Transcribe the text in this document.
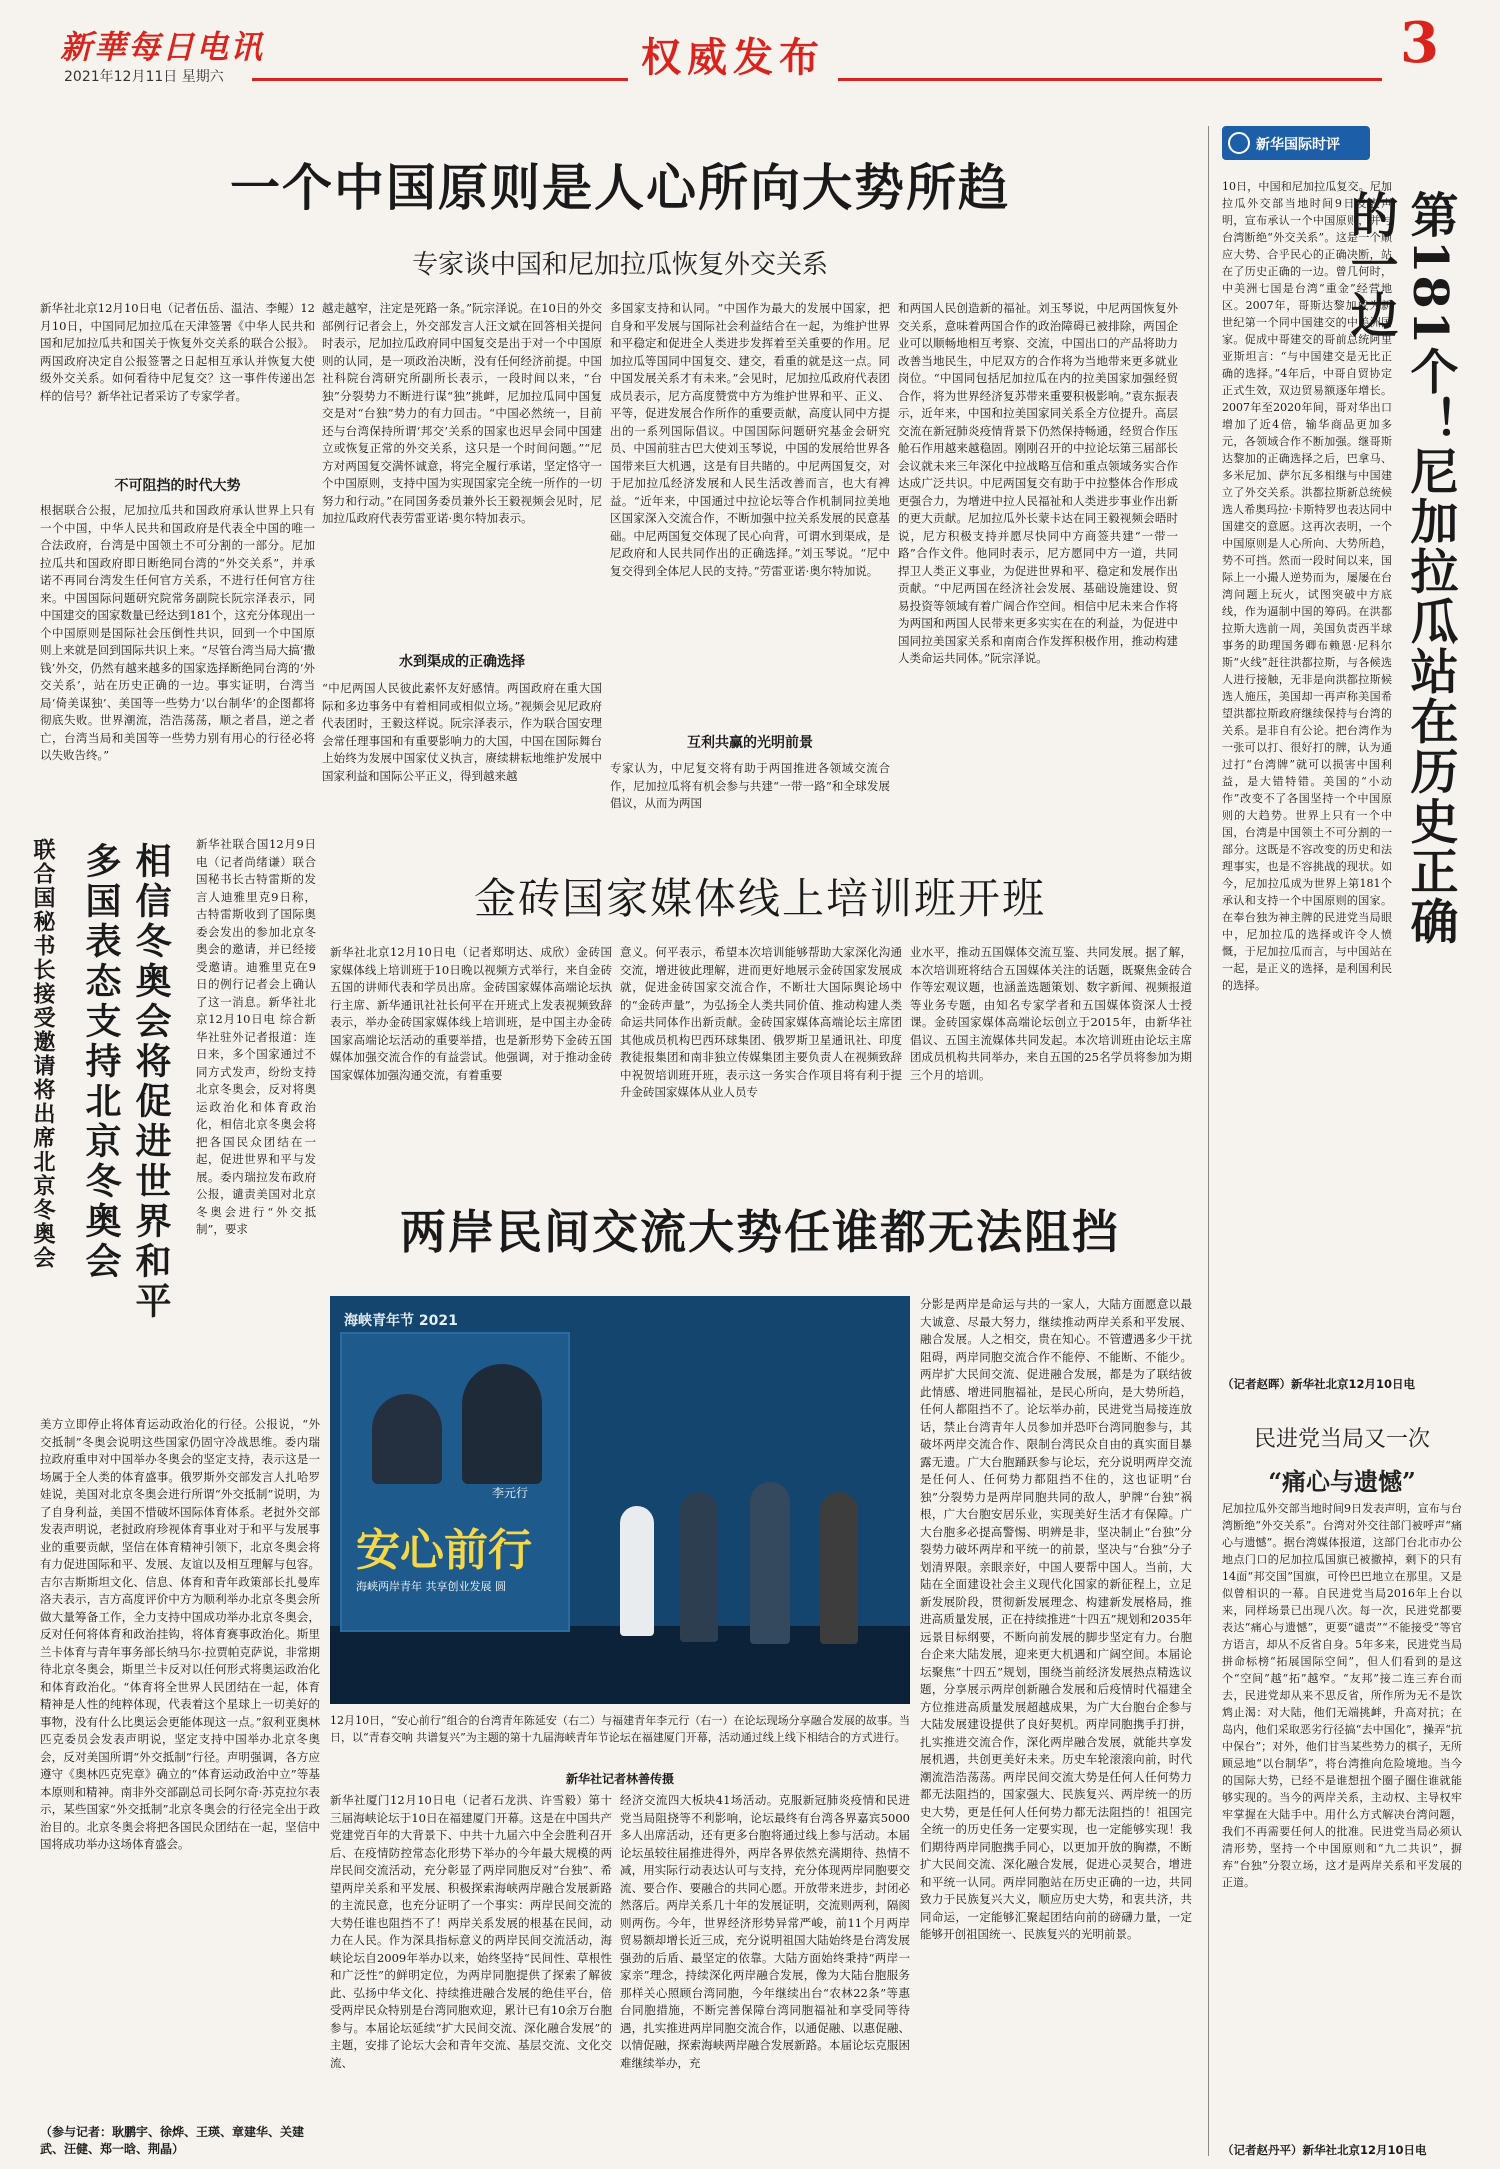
新華每日电讯
2021年12月11日 星期六	权威发布	3
一个中国原则是人心所向大势所趋
专家谈中国和尼加拉瓜恢复外交关系
新华社北京12月10日电（记者伍岳、温洁、李鲲）12月10日，中国同尼加拉瓜在天津签署《中华人民共和国和尼加拉瓜共和国关于恢复外交关系的联合公报》。两国政府决定自公报签署之日起相互承认并恢复大使级外交关系。如何看待中尼复交？这一事件传递出怎样的信号？新华社记者采访了专家学者。
不可阻挡的时代大势
根据联合公报，尼加拉瓜共和国政府承认世界上只有一个中国，中华人民共和国政府是代表全中国的唯一合法政府，台湾是中国领土不可分割的一部分。尼加拉瓜共和国政府即日断绝同台湾的“外交关系”，并承诺不再同台湾发生任何官方关系，不进行任何官方往来。中国国际问题研究院常务副院长阮宗泽表示，同中国建交的国家数量已经达到181个，这充分体现出一个中国原则是国际社会压倒性共识，回到一个中国原则上来就是回到国际共识上来。“尽管台湾当局大搞‘撒钱’外交，仍然有越来越多的国家选择断绝同台湾的‘外交关系’，站在历史正确的一边。事实证明，台湾当局‘倚美谋独’、美国等一些势力‘以台制华’的企图都将彻底失败。世界潮流，浩浩荡荡，顺之者昌，逆之者亡，台湾当局和美国等一些势力别有用心的行径必将以失败告终。”
越走越窄，注定是死路一条。”阮宗泽说。在10日的外交部例行记者会上，外交部发言人汪文斌在回答相关提问时表示，尼加拉瓜政府同中国复交是出于对一个中国原则的认同，是一项政治决断，没有任何经济前提。中国社科院台湾研究所副所长表示，一段时间以来，“台独”分裂势力不断进行谋“独”挑衅，尼加拉瓜同中国复交是对“台独”势力的有力回击。“中国必然统一，目前还与台湾保持所谓‘邦交’关系的国家也迟早会同中国建立或恢复正常的外交关系，这只是一个时间问题。”“尼方对两国复交满怀诚意，将完全履行承诺，坚定恪守一个中国原则，支持中国为实现国家完全统一所作的一切努力和行动。”在同国务委员兼外长王毅视频会见时，尼加拉瓜政府代表劳雷亚诺·奥尔特加表示。
水到渠成的正确选择
“中尼两国人民彼此素怀友好感情。两国政府在重大国际和多边事务中有着相同或相似立场。”视频会见尼政府代表团时，王毅这样说。阮宗泽表示，作为联合国安理会常任理事国和有重要影响力的大国，中国在国际舞台上始终为发展中国家仗义执言，赓续耕耘地维护发展中国家利益和国际公平正义，得到越来越
多国家支持和认同。“中国作为最大的发展中国家，把自身和平发展与国际社会利益结合在一起，为维护世界和平稳定和促进全人类进步发挥着至关重要的作用。尼加拉瓜等国同中国复交、建交，看重的就是这一点。同中国发展关系才有未来。”会见时，尼加拉瓜政府代表团成员表示，尼方高度赞赏中方为维护世界和平、正义、平等，促进发展合作所作的重要贡献，高度认同中方提出的一系列国际倡议。中国国际问题研究基金会研究员、中国前驻古巴大使刘玉琴说，中国的发展给世界各国带来巨大机遇，这是有目共睹的。中尼两国复交，对于尼加拉瓜经济发展和人民生活改善而言，也大有裨益。“近年来，中国通过中拉论坛等合作机制同拉美地区国家深入交流合作，不断加强中拉关系发展的民意基础。中尼两国复交体现了民心向背，可谓水到渠成，是尼政府和人民共同作出的正确选择。”刘玉琴说。“尼中复交得到全体尼人民的支持。”劳雷亚诺·奥尔特加说。
互利共赢的光明前景
专家认为，中尼复交将有助于两国推进各领域交流合作，尼加拉瓜将有机会参与共建“一带一路”和全球发展倡议，从而为两国
和两国人民创造新的福祉。刘玉琴说，中尼两国恢复外交关系，意味着两国合作的政治障碍已被排除，两国企业可以顺畅地相互考察、交流，中国出口的产品将助力改善当地民生，中尼双方的合作将为当地带来更多就业岗位。“中国同包括尼加拉瓜在内的拉美国家加强经贸合作，将为世界经济复苏带来重要积极影响。”袁东振表示，近年来，中国和拉美国家同关系全方位提升。高层交流在新冠肺炎疫情背景下仍然保持畅通，经贸合作压舱石作用越来越稳固。刚刚召开的中拉论坛第三届部长会议就未来三年深化中拉战略互信和重点领域务实合作达成广泛共识。中尼两国复交有助于中拉整体合作形成更强合力，为增进中拉人民福祉和人类进步事业作出新的更大贡献。尼加拉瓜外长蒙卡达在同王毅视频会晤时说，尼方积极支持并愿尽快同中方商签共建“一带一路”合作文件。他同时表示，尼方愿同中方一道，共同捍卫人类正义事业，为促进世界和平、稳定和发展作出贡献。“中尼两国在经济社会发展、基础设施建设、贸易投资等领域有着广阔合作空间。相信中尼未来合作将为两国和两国人民带来更多实实在在的利益，为促进中国同拉美国家关系和南南合作发挥积极作用，推动构建人类命运共同体。”阮宗泽说。
新华国际时评
第181个！尼加拉瓜站在历史正确的一边
10日，中国和尼加拉瓜复交。尼加拉瓜外交部当地时间9日发表声明，宣布承认一个中国原则，并与台湾断绝“外交关系”。这是一个顺应大势、合乎民心的正确决断，站在了历史正确的一边。曾几何时，中美洲七国是台湾“重金”经营地区。2007年，哥斯达黎加成为新世纪第一个同中国建交的中美洲国家。促成中哥建交的哥前总统阿里亚斯坦言：“与中国建交是无比正确的选择。”4年后，中哥自贸协定正式生效，双边贸易额逐年增长。2007年至2020年间，哥对华出口增加了近4倍，输华商品更加多元，各领域合作不断加强。继哥斯达黎加的正确选择之后，巴拿马、多米尼加、萨尔瓦多相继与中国建立了外交关系。洪都拉斯新总统候选人希奥玛拉·卡斯特罗也表达同中国建交的意愿。这再次表明，一个中国原则是人心所向、大势所趋，势不可挡。然而一段时间以来，国际上一小撮人逆势而为，屡屡在台湾问题上玩火，试图突破中方底线，作为逼制中国的筹码。在洪都拉斯大选前一周，美国负责西半球事务的助理国务卿布赖恩·尼科尔斯“火线”赶往洪都拉斯，与各候选人进行接触，无非是向洪都拉斯候选人施压，美国却一再声称美国希望洪都拉斯政府继续保持与台湾的关系。是非自有公论。把台湾作为一张可以打、很好打的牌，认为通过打“台湾牌”就可以损害中国利益，是大错特错。美国的“小动作”改变不了各国坚持一个中国原则的大趋势。世界上只有一个中国，台湾是中国领土不可分割的一部分。这既是不容改变的历史和法理事实，也是不容挑战的现状。如今，尼加拉瓜成为世界上第181个承认和支持一个中国原则的国家。在奉台独为神主牌的民进党当局眼中，尼加拉瓜的选择或许令人愤慨，于尼加拉瓜而言，与中国站在一起，是正义的选择，是利国利民的选择。
（记者赵晖）新华社北京12月10日电
民进党当局又一次
“痛心与遗憾”
尼加拉瓜外交部当地时间9日发表声明，宣布与台湾断绝“外交关系”。台湾对外交往部门被呼声“痛心与遗憾”。据台湾媒体报道，这部门台北市办公地点门口的尼加拉瓜国旗已被撤掉，剩下的只有14面“邦交国”国旗，可怜巴巴地立在那里。又是似曾相识的一幕。自民进党当局2016年上台以来，同样场景已出现八次。每一次，民进党都要表达“痛心与遗憾”，更要“谴责”“不能接受”等官方语言，却从不反省自身。5年多来，民进党当局拼命标榜“拓展国际空间”，但人们看到的是这个“空间”越“拓”越窄。“友邦”接二连三弃台而去，民进党却从来不思反省，所作所为无不是饮鸩止渴：对大陆，他们无端挑衅，升高对抗；在岛内，他们采取恶劣行径搞“去中国化”，操弄“抗中保台”；对外，他们甘当某些势力的棋子，无所顾忌地“以台制华”，将台湾推向危险境地。当今的国际大势，已经不是谁想扭个圈子圈住谁就能够实现的。当今的两岸关系，主动权、主导权牢牢掌握在大陆手中。用什么方式解决台湾问题，我们不再需要任何人的批准。民进党当局必须认清形势，坚持一个中国原则和“九二共识”，摒弃“台独”分裂立场，这才是两岸关系和平发展的正道。
（记者赵丹平）新华社北京12月10日电
联合国秘书长接受邀请将出席北京冬奥会 相信冬奥会将促进世界和平
多国表态支持北京冬奥会	新华社联合国12月9日电（记者尚绪谦）联合国秘书长古特雷斯的发言人迪雅里克9日称，古特雷斯收到了国际奥委会发出的参加北京冬奥会的邀请，并已经接受邀请。迪雅里克在9日的例行记者会上确认了这一消息。新华社北京12月10日电 综合新华社驻外记者报道：连日来，多个国家通过不同方式发声，纷纷支持北京冬奥会，反对将奥运政治化和体育政治化，相信北京冬奥会将把各国民众团结在一起，促进世界和平与发展。委内瑞拉发布政府公报，谴责美国对北京冬奥会进行“外交抵制”，要求
美方立即停止将体育运动政治化的行径。公报说，“外交抵制”冬奥会说明这些国家仍固守冷战思维。委内瑞拉政府重申对中国举办冬奥会的坚定支持，表示这是一场属于全人类的体育盛事。俄罗斯外交部发言人扎哈罗娃说，美国对北京冬奥会进行所谓“外交抵制”说明，为了自身利益，美国不惜破坏国际体育体系。老挝外交部发表声明说，老挝政府珍视体育事业对于和平与发展事业的重要贡献，坚信在体育精神引领下，北京冬奥会将有力促进国际和平、发展、友谊以及相互理解与包容。吉尔吉斯斯坦文化、信息、体育和青年政策部长扎曼库洛夫表示，吉方高度评价中方为顺利举办北京冬奥会所做大量筹备工作，全力支持中国成功举办北京冬奥会，反对任何将体育和政治挂钩，将体育赛事政治化。斯里兰卡体育与青年事务部长纳马尔·拉贾帕克萨说，非常期待北京冬奥会，斯里兰卡反对以任何形式将奥运政治化和体育政治化。“体育将全世界人民团结在一起，体育精神是人性的纯粹体现，代表着这个星球上一切美好的事物，没有什么比奥运会更能体现这一点。”叙利亚奥林匹克委员会发表声明说，坚定支持中国举办北京冬奥会，反对美国所谓“外交抵制”行径。声明强调，各方应遵守《奥林匹克宪章》确立的“体育运动政治中立”等基本原则和精神。南非外交部副总司长阿尔奇·苏克拉尔表示，某些国家“外交抵制”北京冬奥会的行径完全出于政治目的。北京冬奥会将把各国民众团结在一起，坚信中国将成功举办这场体育盛会。
（参与记者：耿鹏宇、徐烨、王瑛、章建华、关建武、汪健、郑一晗、荆晶）
金砖国家媒体线上培训班开班
新华社北京12月10日电（记者郑明达、成欣）金砖国家媒体线上培训班于10日晚以视频方式举行，来自金砖五国的讲师代表和学员出席。金砖国家媒体高端论坛执行主席、新华通讯社社长何平在开班式上发表视频致辞表示，举办金砖国家媒体线上培训班，是中国主办金砖国家高端论坛活动的重要举措，也是新形势下金砖五国媒体加强交流合作的有益尝试。他强调，对于推动金砖国家媒体加强沟通交流，有着重要
意义。何平表示，希望本次培训能够帮助大家深化沟通交流，增进彼此理解，进而更好地展示金砖国家发展成就，促进金砖国家交流合作，不断壮大国际舆论场中的“金砖声量”，为弘扬全人类共同价值、推动构建人类命运共同体作出新贡献。金砖国家媒体高端论坛主席团其他成员机构巴西环球集团、俄罗斯卫星通讯社、印度教徒报集团和南非独立传媒集团主要负责人在视频致辞中祝贺培训班开班，表示这一务实合作项目将有利于提升金砖国家媒体从业人员专
业水平，推动五国媒体交流互鉴、共同发展。据了解，本次培训班将结合五国媒体关注的话题，既聚焦金砖合作等宏观议题，也涵盖选题策划、数字新闻、视频报道等业务专题，由知名专家学者和五国媒体资深人士授课。金砖国家媒体高端论坛创立于2015年，由新华社倡议、五国主流媒体共同发起。本次培训班由论坛主席团成员机构共同举办，来自五国的25名学员将参加为期三个月的培训。
两岸民间交流大势任谁都无法阻挡
海峡青年节 2021
李元行
安心前行
海峡两岸青年 共享创业发展 圆
12月10日，“安心前行”组合的台湾青年陈延安（右二）与福建青年李元行（右一）在论坛现场分享融合发展的故事。当日，以“青春交响 共谱复兴”为主题的第十九届海峡青年节论坛在福建厦门开幕，活动通过线上线下相结合的方式进行。
新华社记者林善传摄
分影是两岸是命运与共的一家人，大陆方面愿意以最大诚意、尽最大努力，继续推动两岸关系和平发展、融合发展。人之相交，贵在知心。不管遭遇多少干扰阻碍，两岸同胞交流合作不能停、不能断、不能少。两岸扩大民间交流、促进融合发展，都是为了联结彼此情感、增进同胞福祉，是民心所向，是大势所趋，任何人都阻挡不了。论坛举办前，民进党当局接连放话，禁止台湾青年人员参加并恐吓台湾同胞参与，其破坏两岸交流合作、限制台湾民众自由的真实面目暴露无遗。广大台胞踊跃参与论坛，充分说明两岸交流是任何人、任何势力都阻挡不住的，这也证明“台独”分裂势力是两岸同胞共同的敌人，驴牌“台独”祸根，广大台胞安居乐业，实现美好生活才有保障。广大台胞多必提高警惕、明辨是非，坚决制止“台独”分裂势力破坏两岸和平统一的前景，坚决与“台独”分子划清界限。亲眼亲好，中国人要帮中国人。当前，大陆在全面建设社会主义现代化国家的新征程上，立足新发展阶段，贯彻新发展理念、构建新发展格局，推进高质量发展，正在持续推进“十四五”规划和2035年远景目标纲要，不断向前发展的脚步坚定有力。台胞台企来大陆发展，迎来更大机遇和广阔空间。本届论坛聚焦“十四五”规划，围绕当前经济发展热点精选议题，分享展示两岸创新融合发展和后疫情时代福建全方位推进高质量发展超越成果，为广大台胞台企参与大陆发展建设提供了良好契机。两岸同胞携手打拼，扎实推进交流合作，深化两岸融合发展，就能共享发展机遇，共创更美好未来。历史车轮滚滚向前，时代潮流浩浩荡荡。两岸民间交流大势是任何人任何势力都无法阻挡的，国家强大、民族复兴、两岸统一的历史大势，更是任何人任何势力都无法阻挡的！祖国完全统一的历史任务一定要实现，也一定能够实现！我们期待两岸同胞携手同心，以更加开放的胸襟，不断扩大民间交流、深化融合发展，促进心灵契合，增进和平统一认同。两岸同胞站在历史正确的一边，共同致力于民族复兴大义，顺应历史大势，和衷共济，共同命运，一定能够汇聚起团结向前的磅礴力量，一定能够开创祖国统一、民族复兴的光明前景。
新华社厦门12月10日电（记者石龙洪、许雪毅）第十三届海峡论坛于10日在福建厦门开幕。这是在中国共产党建党百年的大背景下、中共十九届六中全会胜利召开后、在疫情防控常态化形势下举办的今年最大规模的两岸民间交流活动，充分彰显了两岸同胞反对“台独”、希望两岸关系和平发展、积极探索海峡两岸融合发展新路的主流民意，也充分证明了一个事实：两岸民间交流的大势任谁也阻挡不了！两岸关系发展的根基在民间，动力在人民。作为深具指标意义的两岸民间交流活动，海峡论坛自2009年举办以来，始终坚持“民间性、草根性和广泛性”的鲜明定位，为两岸同胞提供了探索了解彼此、弘扬中华文化、持续推进融合发展的绝佳平台，倍受两岸民众特别是台湾同胞欢迎，累计已有10余万台胞参与。本届论坛延续“扩大民间交流、深化融合发展”的主题，安排了论坛大会和青年交流、基层交流、文化交流、
经济交流四大板块41场活动。克服新冠肺炎疫情和民进党当局阻挠等不利影响，论坛最终有台湾各界嘉宾5000多人出席活动，还有更多台胞将通过线上参与活动。本届论坛虽较往届推进得外，两岸各界依然充满期待、热情不减，用实际行动表达认可与支持，充分体现两岸同胞要交流、要合作、要融合的共同心愿。开放带来进步，封闭必然落后。两岸关系几十年的发展证明，交流则两利，隔阂则两伤。今年，世界经济形势异常严峻，前11个月两岸贸易额却增长近三成，充分说明祖国大陆始终是台湾发展强劲的后盾、最坚定的依靠。大陆方面始终秉持“两岸一家亲”理念，持续深化两岸融合发展，像为大陆台胞服务那样关心照顾台湾同胞，今年继续出台“农林22条”等惠台同胞措施，不断完善保障台湾同胞福祉和享受同等待遇，扎实推进两岸同胞交流合作，以通促融、以惠促融、以情促融，探索海峡两岸融合发展新路。本届论坛克服困难继续举办，充
